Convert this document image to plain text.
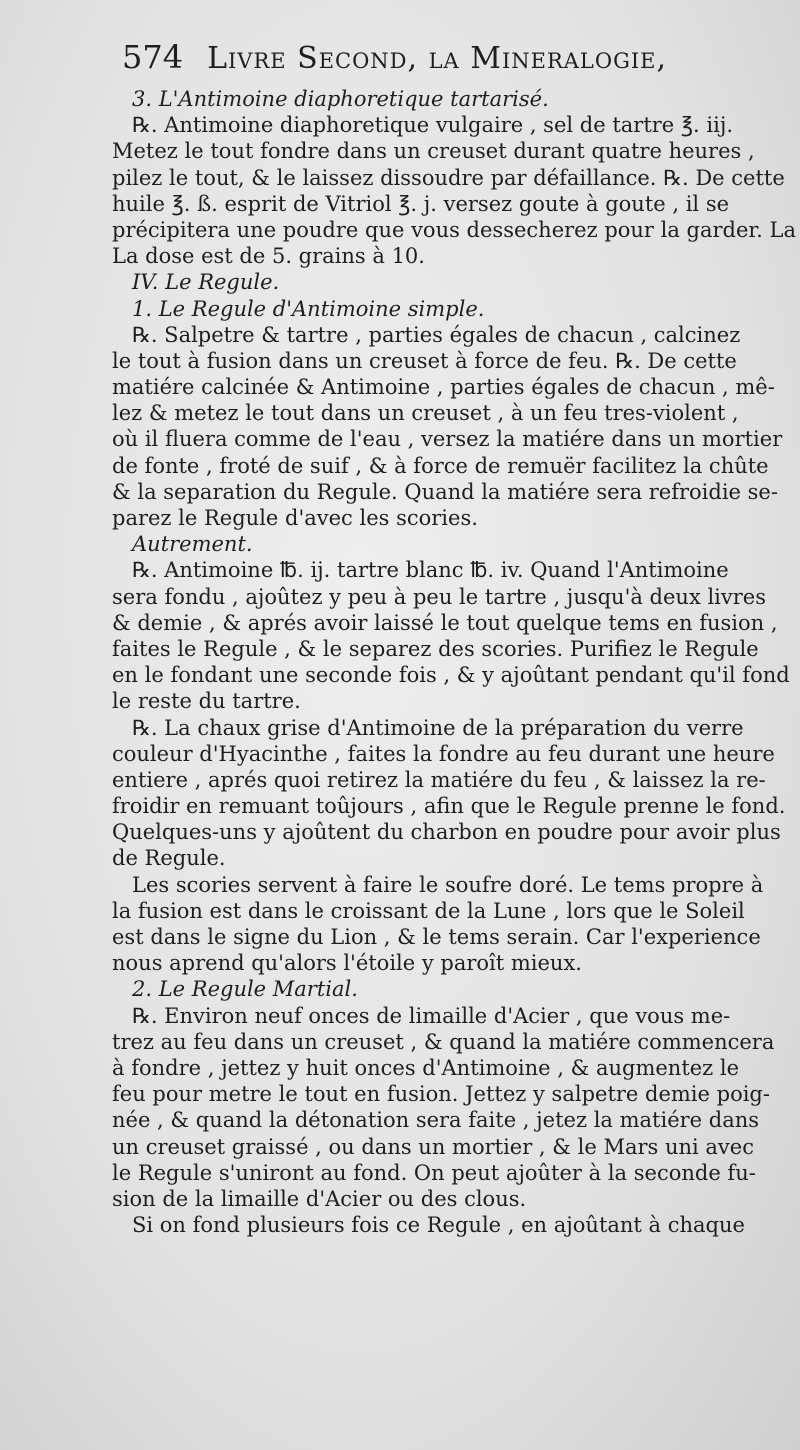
574 Livre Second, la Mineralogie,
3. L'Antimoine diaphoretique tartarisé.
℞. Antimoine diaphoretique vulgaire , sel de tartre ℥. iij.
Metez le tout fondre dans un creuset durant quatre heures ,
pilez le tout, & le laissez dissoudre par défaillance. ℞. De cette
huile ℥. ß. esprit de Vitriol ℥. j. versez goute à goute , il se
précipitera une poudre que vous dessecherez pour la garder. La
La dose est de 5. grains à 10.
IV. Le Regule.
1. Le Regule d'Antimoine simple.
℞. Salpetre & tartre , parties égales de chacun , calcinez
le tout à fusion dans un creuset à force de feu. ℞. De cette
matiére calcinée & Antimoine , parties égales de chacun , mê-
lez & metez le tout dans un creuset , à un feu tres-violent ,
où il fluera comme de l'eau , versez la matiére dans un mortier
de fonte , froté de suif , & à force de remuër facilitez la chûte
& la separation du Regule. Quand la matiére sera refroidie se-
parez le Regule d'avec les scories.
Autrement.
℞. Antimoine ℔. ij. tartre blanc ℔. iv. Quand l'Antimoine
sera fondu , ajoûtez y peu à peu le tartre , jusqu'à deux livres
& demie , & aprés avoir laissé le tout quelque tems en fusion ,
faites le Regule , & le separez des scories. Purifiez le Regule
en le fondant une seconde fois , & y ajoûtant pendant qu'il fond
le reste du tartre.
℞. La chaux grise d'Antimoine de la préparation du verre
couleur d'Hyacinthe , faites la fondre au feu durant une heure
entiere , aprés quoi retirez la matiére du feu , & laissez la re-
froidir en remuant toûjours , afin que le Regule prenne le fond.
Quelques-uns y ajoûtent du charbon en poudre pour avoir plus
de Regule.
Les scories servent à faire le soufre doré. Le tems propre à
la fusion est dans le croissant de la Lune , lors que le Soleil
est dans le signe du Lion , & le tems serain. Car l'experience
nous aprend qu'alors l'étoile y paroît mieux.
2. Le Regule Martial.
℞. Environ neuf onces de limaille d'Acier , que vous me-
trez au feu dans un creuset , & quand la matiére commencera
à fondre , jettez y huit onces d'Antimoine , & augmentez le
feu pour metre le tout en fusion. Jettez y salpetre demie poig-
née , & quand la détonation sera faite , jetez la matiére dans
un creuset graissé , ou dans un mortier , & le Mars uni avec
le Regule s'uniront au fond. On peut ajoûter à la seconde fu-
sion de la limaille d'Acier ou des clous.
Si on fond plusieurs fois ce Regule , en ajoûtant à chaque
